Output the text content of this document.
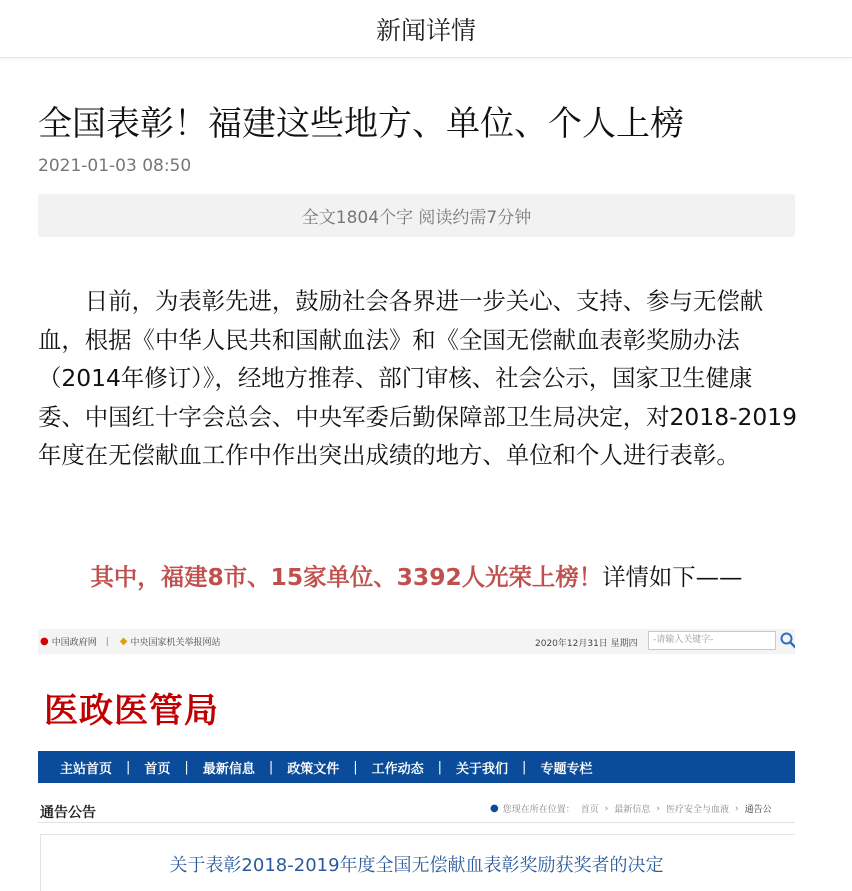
新闻详情
全国表彰！福建这些地方、单位、个人上榜
2021-01-03 08:50
全文1804个字 阅读约需7分钟

日前，为表彰先进，鼓励社会各界进一步关心、支持、参与无偿献血，根据《中华人民共和国献血法》和《全国无偿献血表彰奖励办法（2014年修订）》，经地方推荐、部门审核、社会公示，国家卫生健康委、中国红十字会总会、中央军委后勤保障部卫生局决定，对2018-2019年度在无偿献血工作中作出突出成绩的地方、单位和个人进行表彰。

其中，福建8市、15家单位、3392人光荣上榜！详情如下——
● 中国政府网 | ◆ 中央国家机关举报网站	2020年12月31日 星期四	-请输入关键字-
医政医管局
主站首页	|	首页	|	最新信息	|	政策文件	|	工作动态	|	关于我们	|	专题专栏
通告公告	● 您现在所在位置： 首页 › 最新信息 › 医疗安全与血液 › 通告公
关于表彰2018-2019年度全国无偿献血表彰奖励获奖者的决定
